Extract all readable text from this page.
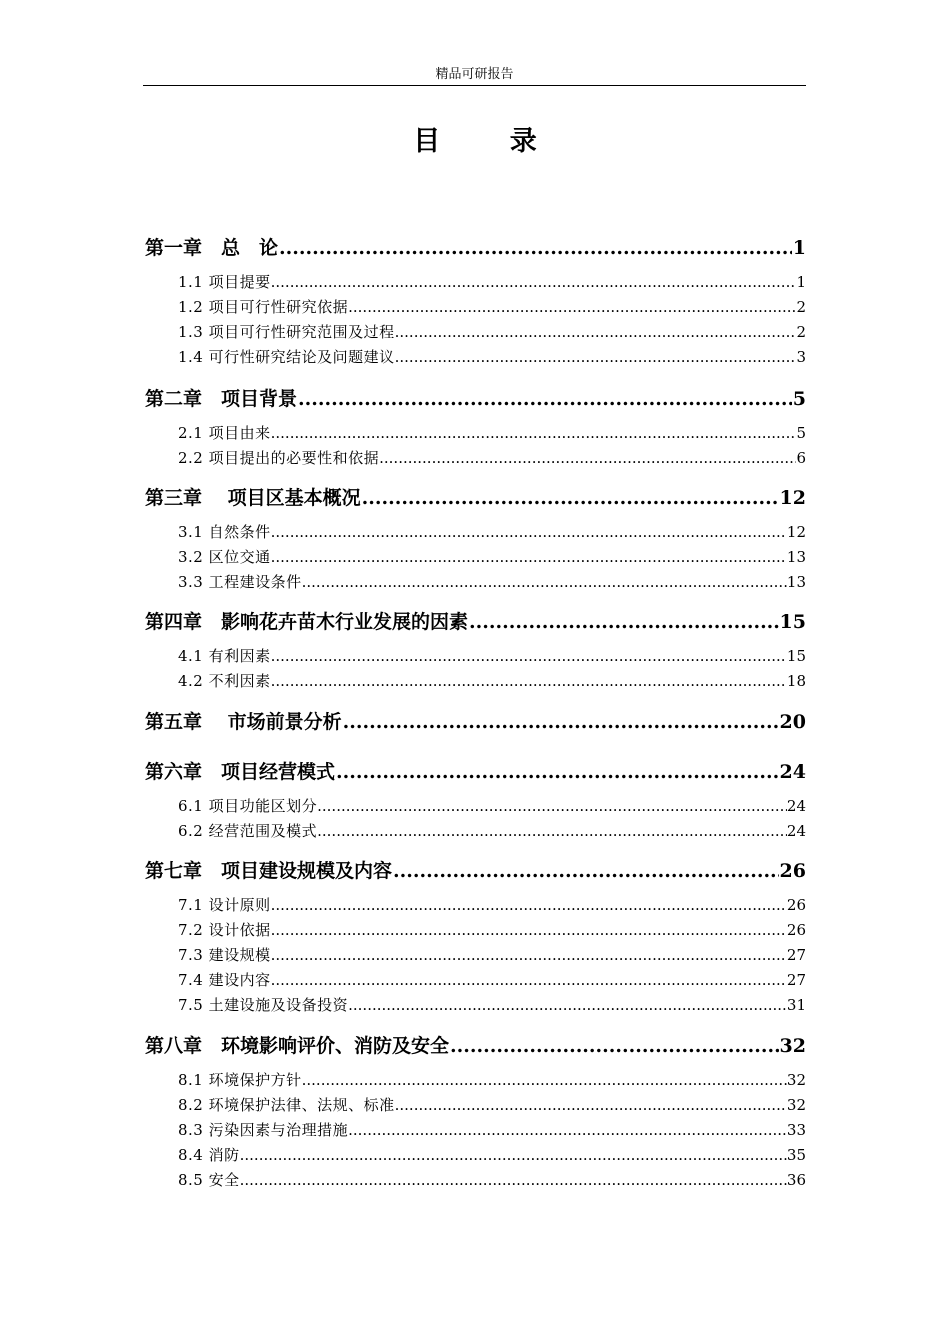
精品可研报告
目 录
第一章　总　论 .....	1
1.1 项目提要 .....	1
1.2 项目可行性研究依据 .....	2
1.3 项目可行性研究范围及过程 .....	2
1.4 可行性研究结论及问题建议 .....	3
第二章　项目背景 .....	5
2.1 项目由来 .....	5
2.2 项目提出的必要性和依据 .....	6
第三章　 项目区基本概况 .....	12
3.1 自然条件 .....	12
3.2 区位交通 .....	13
3.3 工程建设条件 .....	13
第四章　影响花卉苗木行业发展的因素 .....	15
4.1 有利因素 .....	15
4.2 不利因素 .....	18
第五章　 市场前景分析 .....	20
第六章　项目经营模式 .....	24
6.1 项目功能区划分 .....	24
6.2 经营范围及模式 .....	24
第七章　项目建设规模及内容 .....	26
7.1 设计原则 .....	26
7.2 设计依据 .....	26
7.3 建设规模 .....	27
7.4 建设内容 .....	27
7.5 土建设施及设备投资 .....	31
第八章　环境影响评价、消防及安全 .....	32
8.1 环境保护方针 .....	32
8.2 环境保护法律、法规、标准 .....	32
8.3 污染因素与治理措施 .....	33
8.4 消防 .....	35
8.5 安全 .....	36
